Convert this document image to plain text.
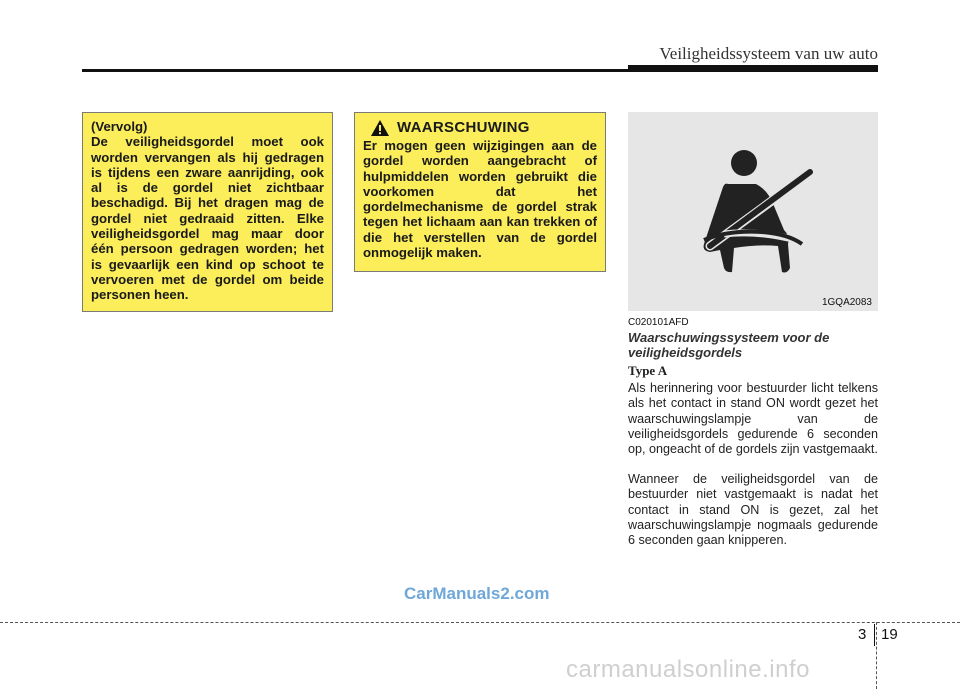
Veiligheidssysteem van uw auto

(Vervolg)

De veiligheidsgordel moet ook worden vervangen als hij gedragen is tijdens een zware aanrijding, ook al is de gordel niet zichtbaar beschadigd. Bij het dragen mag de gordel niet gedraaid zitten. Elke veiligheidsgordel mag maar door één persoon gedragen worden; het is gevaarlijk een kind op schoot te vervoeren met de gordel om beide personen heen.

WAARSCHUWING

Er mogen geen wijzigingen aan de gordel worden aangebracht of hulpmiddelen worden gebruikt die voorkomen dat het gordelmechanisme de gordel strak tegen het lichaam aan kan trekken of die het verstellen van de gordel onmogelijk maken.

1GQA2083
C020101AFD
Waarschuwingssysteem voor de veiligheidsgordels
Type A

Als herinnering voor bestuurder licht telkens als het contact in stand ON wordt gezet het waarschuwingslampje van de veiligheidsgordels gedurende 6 seconden op, ongeacht of de gordels zijn vastgemaakt.

Wanneer de veiligheidsgordel van de bestuurder niet vastgemaakt is nadat het contact in stand ON is gezet, zal het waarschuwingslampje nogmaals gedurende 6 seconden gaan knipperen.

CarManuals2.com
3 19
carmanualsonline.info
